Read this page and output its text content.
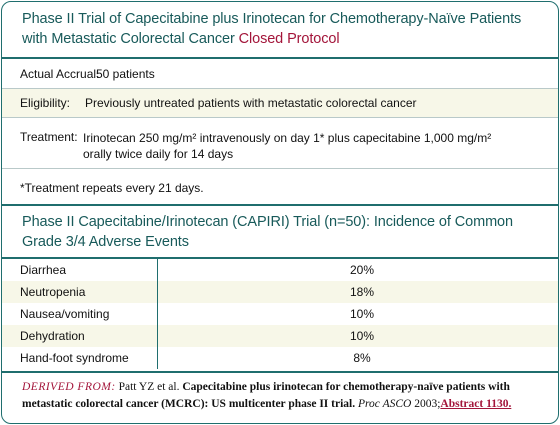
Phase II Trial of Capecitabine plus Irinotecan for Chemotherapy-Naïve Patients with Metastatic Colorectal Cancer Closed Protocol
Actual Accrual:
50 patients
Eligibility: Previously untreated patients with metastatic colorectal cancer
Treatment: Irinotecan 250 mg/m² intravenously on day 1* plus capecitabine 1,000 mg/m² orally twice daily for 14 days
*Treatment repeats every 21 days.
Phase II Capecitabine/Irinotecan (CAPIRI) Trial (n=50): Incidence of Common Grade 3/4 Adverse Events
Diarrhea	20%
Neutropenia	18%
Nausea/vomiting	10%
Dehydration	10%
Hand-foot syndrome	8%
DERIVED FROM: Patt YZ et al. Capecitabine plus irinotecan for chemotherapy-naïve patients with metastatic colorectal cancer (MCRC): US multicenter phase II trial. Proc ASCO 2003;Abstract 1130.
